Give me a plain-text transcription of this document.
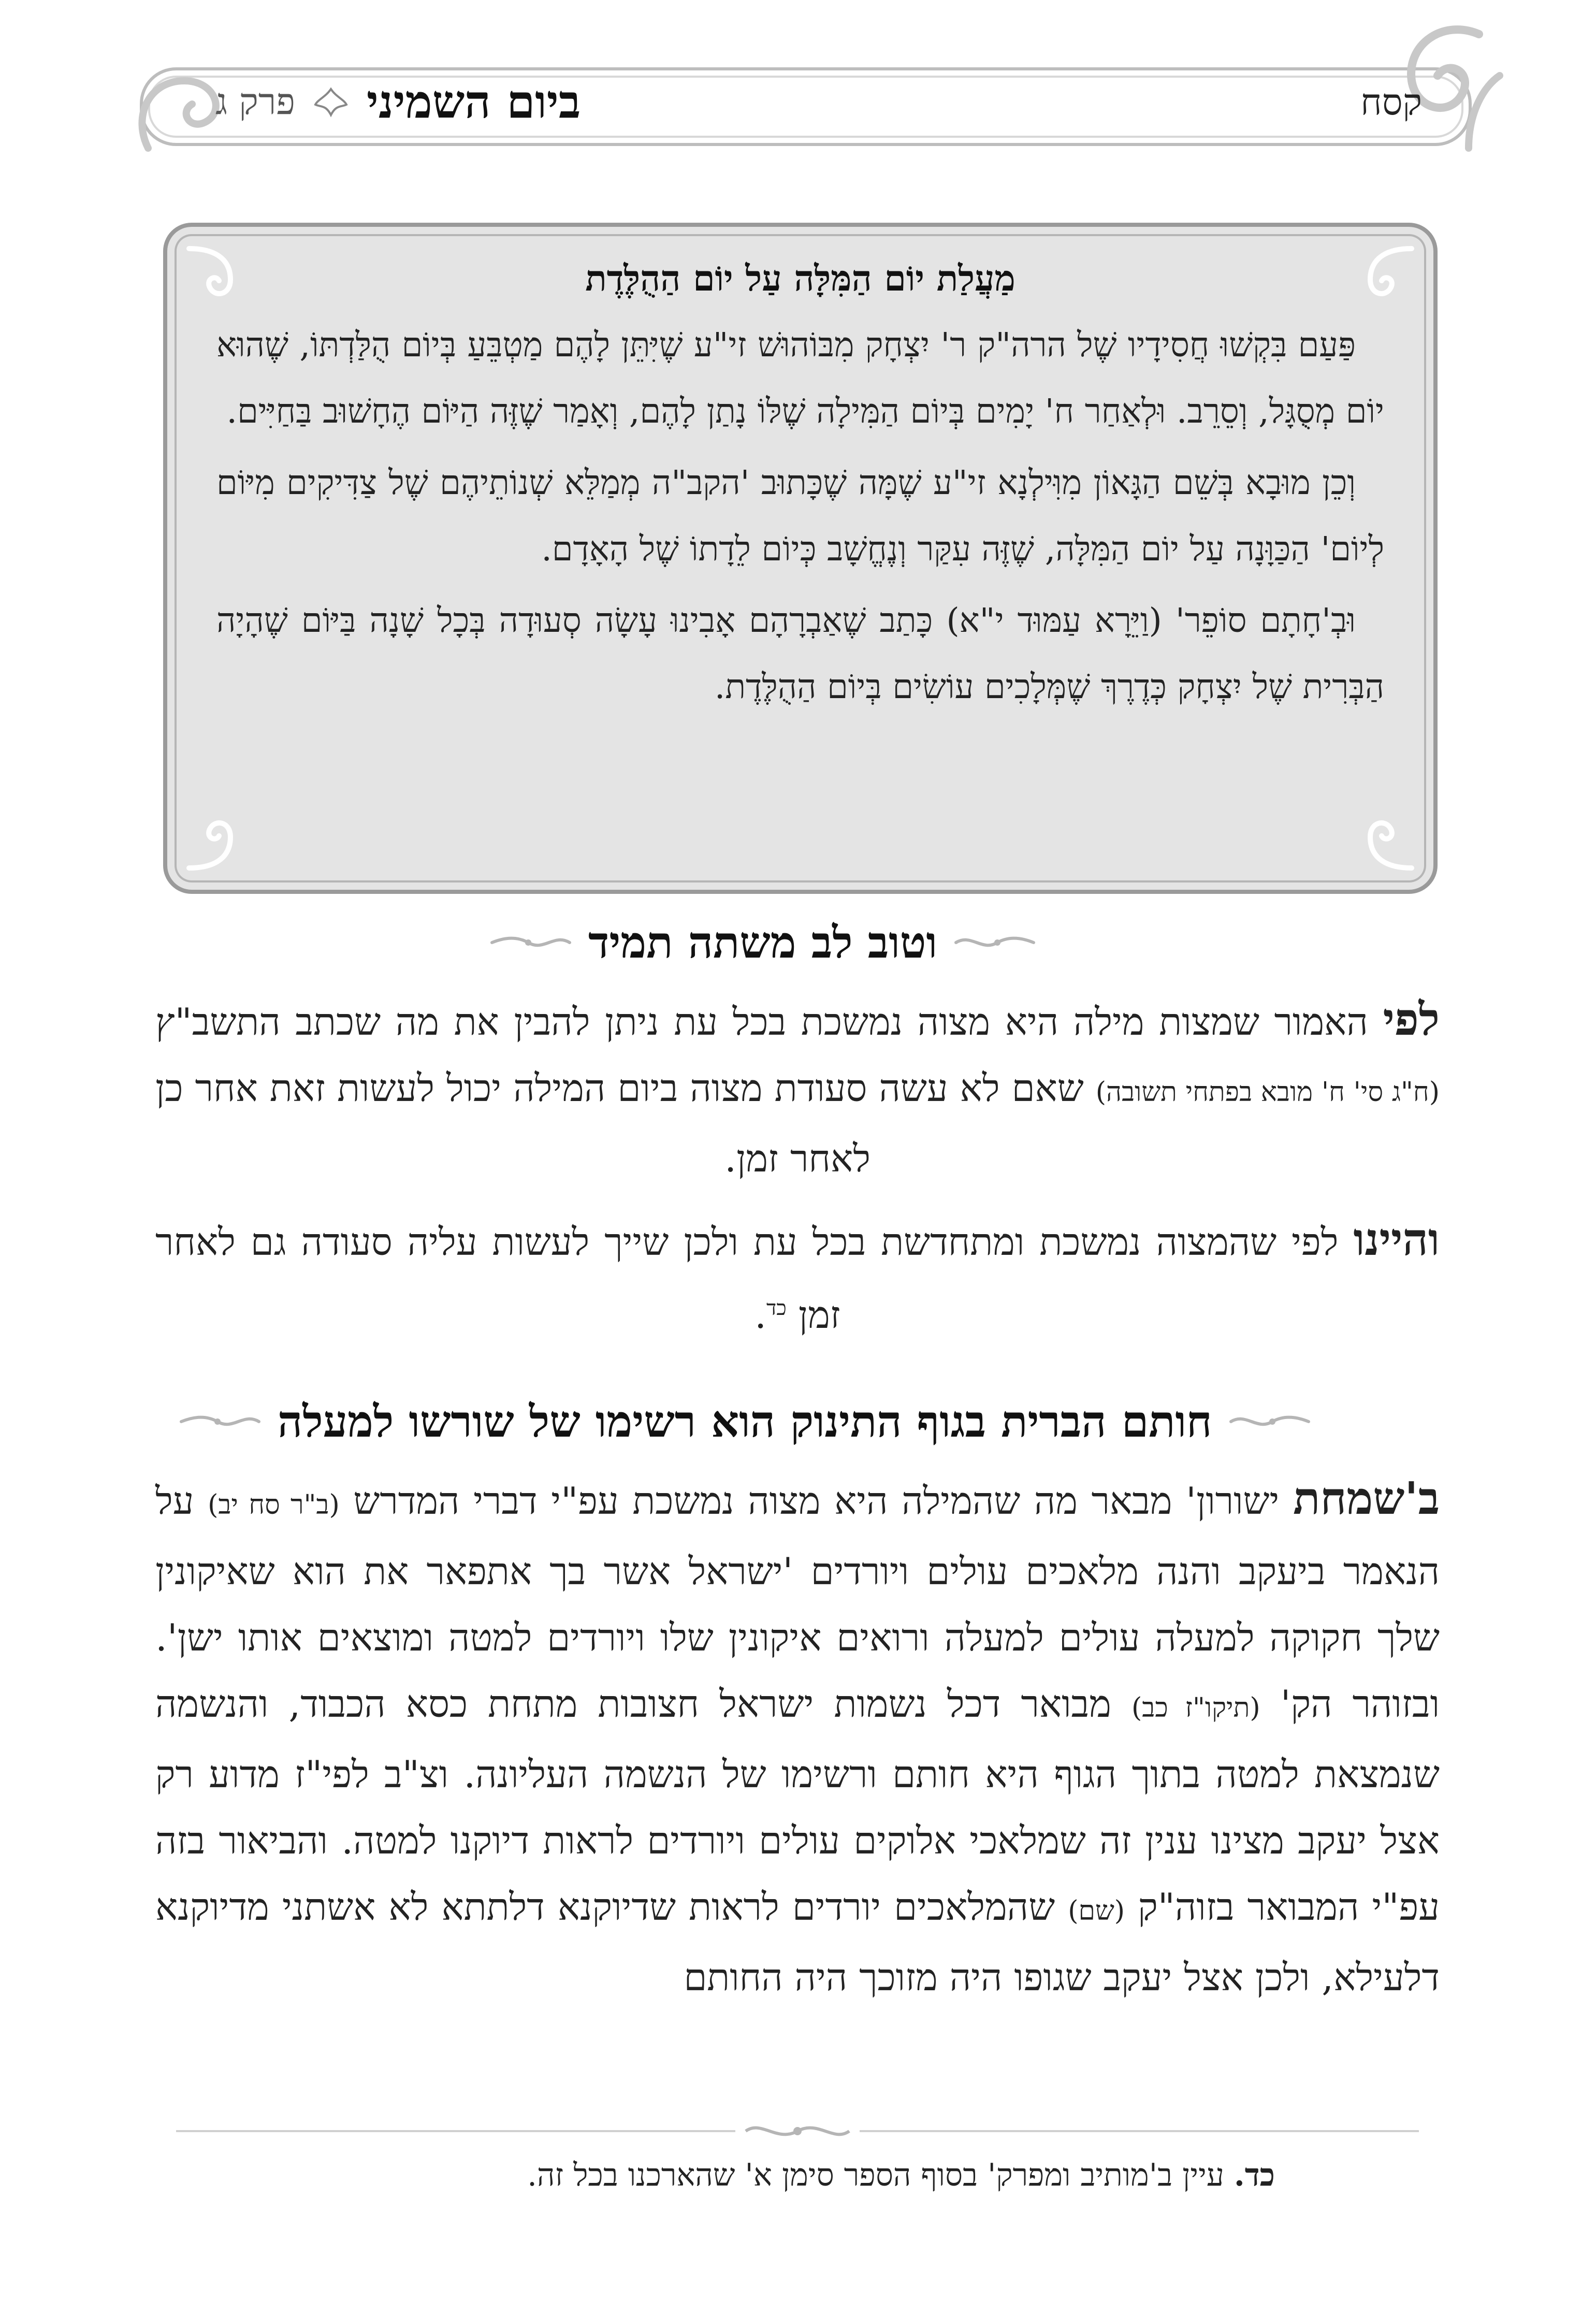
קסח
ביום השמיני
פרק ג
מַעֲלַת יוֹם הַמִּלָּה עַל יוֹם הַהֻלֶּדֶת

פַּעַם בִּקְשׁוּ חֲסִידָיו שֶׁל הרה"ק ר' יִצְחָק מִבּוֹהוּשׁ זי"ע שֶׁיִּתֵּן לָהֶם מַטְבֵּעַ בְּיוֹם הֻלַּדְתּוֹ, שֶׁהוּא יוֹם מְסֻגָּל, וְסֵרֵב. וּלְאַחַר ח' יָמִים בְּיוֹם הַמִּילָה שֶׁלּוֹ נָתַן לָהֶם, וְאָמַר שֶׁזֶּה הַיּוֹם הֶחָשׁוּב בַּחַיִּים.

וְכֵן מוּבָא בְּשֵׁם הַגָּאוֹן מִוִּילְנָא זי"ע שֶׁמָּה שֶׁכָּתוּב 'הקב"ה מְמַלֵּא שְׁנוֹתֵיהֶם שֶׁל צַדִּיקִים מִיּוֹם לְיוֹם' הַכַּוָּנָה עַל יוֹם הַמִּלָּה, שֶׁזֶּה עִקַּר וְנֶחֱשָׁב כְּיוֹם לֵדָתוֹ שֶׁל הָאָדָם.

וּבְ'חָתָם סוֹפֵר' (וַיֵּרָא עַמּוּד י"א) כָּתַב שֶׁאַבְרָהָם אָבִינוּ עָשָׂה סְעוּדָה בְּכָל שָׁנָה בַּיּוֹם שֶׁהָיָה הַבְּרִית שֶׁל יִצְחָק כְּדֶרֶךְ שֶׁמְּלָכִים עוֹשִׂים בְּיוֹם הַהֻלֶּדֶת.

וטוב לב משתה תמיד
לפי האמור שמצות מילה היא מצוה נמשכת בכל עת ניתן להבין את מה שכתב התשב"ץ (ח"ג סי' ח' מובא בפתחי תשובה) שאם לא עשה סעודת מצוה ביום המילה יכול לעשות זאת אחר כן לאחר זמן.
והיינו לפי שהמצוה נמשכת ומתחדשת בכל עת ולכן שייך לעשות עליה סעודה גם לאחר זמן $^{כד}$.
חותם הברית בגוף התינוק הוא רשימו של שורשו למעלה
ב'שמחת ישורון' מבאר מה שהמילה היא מצוה נמשכת עפ"י דברי המדרש (ב"ר סח יב) על הנאמר ביעקב והנה מלאכים עולים ויורדים 'ישראל אשר בך אתפאר את הוא שאיקונין שלך חקוקה למעלה עולים למעלה ורואים איקונין שלו ויורדים למטה ומוצאים אותו ישן'. ובזוהר הק' (תיקו"ז כב) מבואר דכל נשמות ישראל חצובות מתחת כסא הכבוד, והנשמה שנמצאת למטה בתוך הגוף היא חותם ורשימו של הנשמה העליונה. וצ"ב לפי"ז מדוע רק אצל יעקב מצינו ענין זה שמלאכי אלוקים עולים ויורדים לראות דיוקנו למטה. והביאור בזה עפ"י המבואר בזוה"ק (שם) שהמלאכים יורדים לראות שדיוקנא דלתתא לא אשתני מדיוקנא דלעילא, ולכן אצל יעקב שגופו היה מזוכך היה החותם
כד. עיין ב'מותיב ומפרק' בסוף הספר סימן א' שהארכנו בכל זה.
